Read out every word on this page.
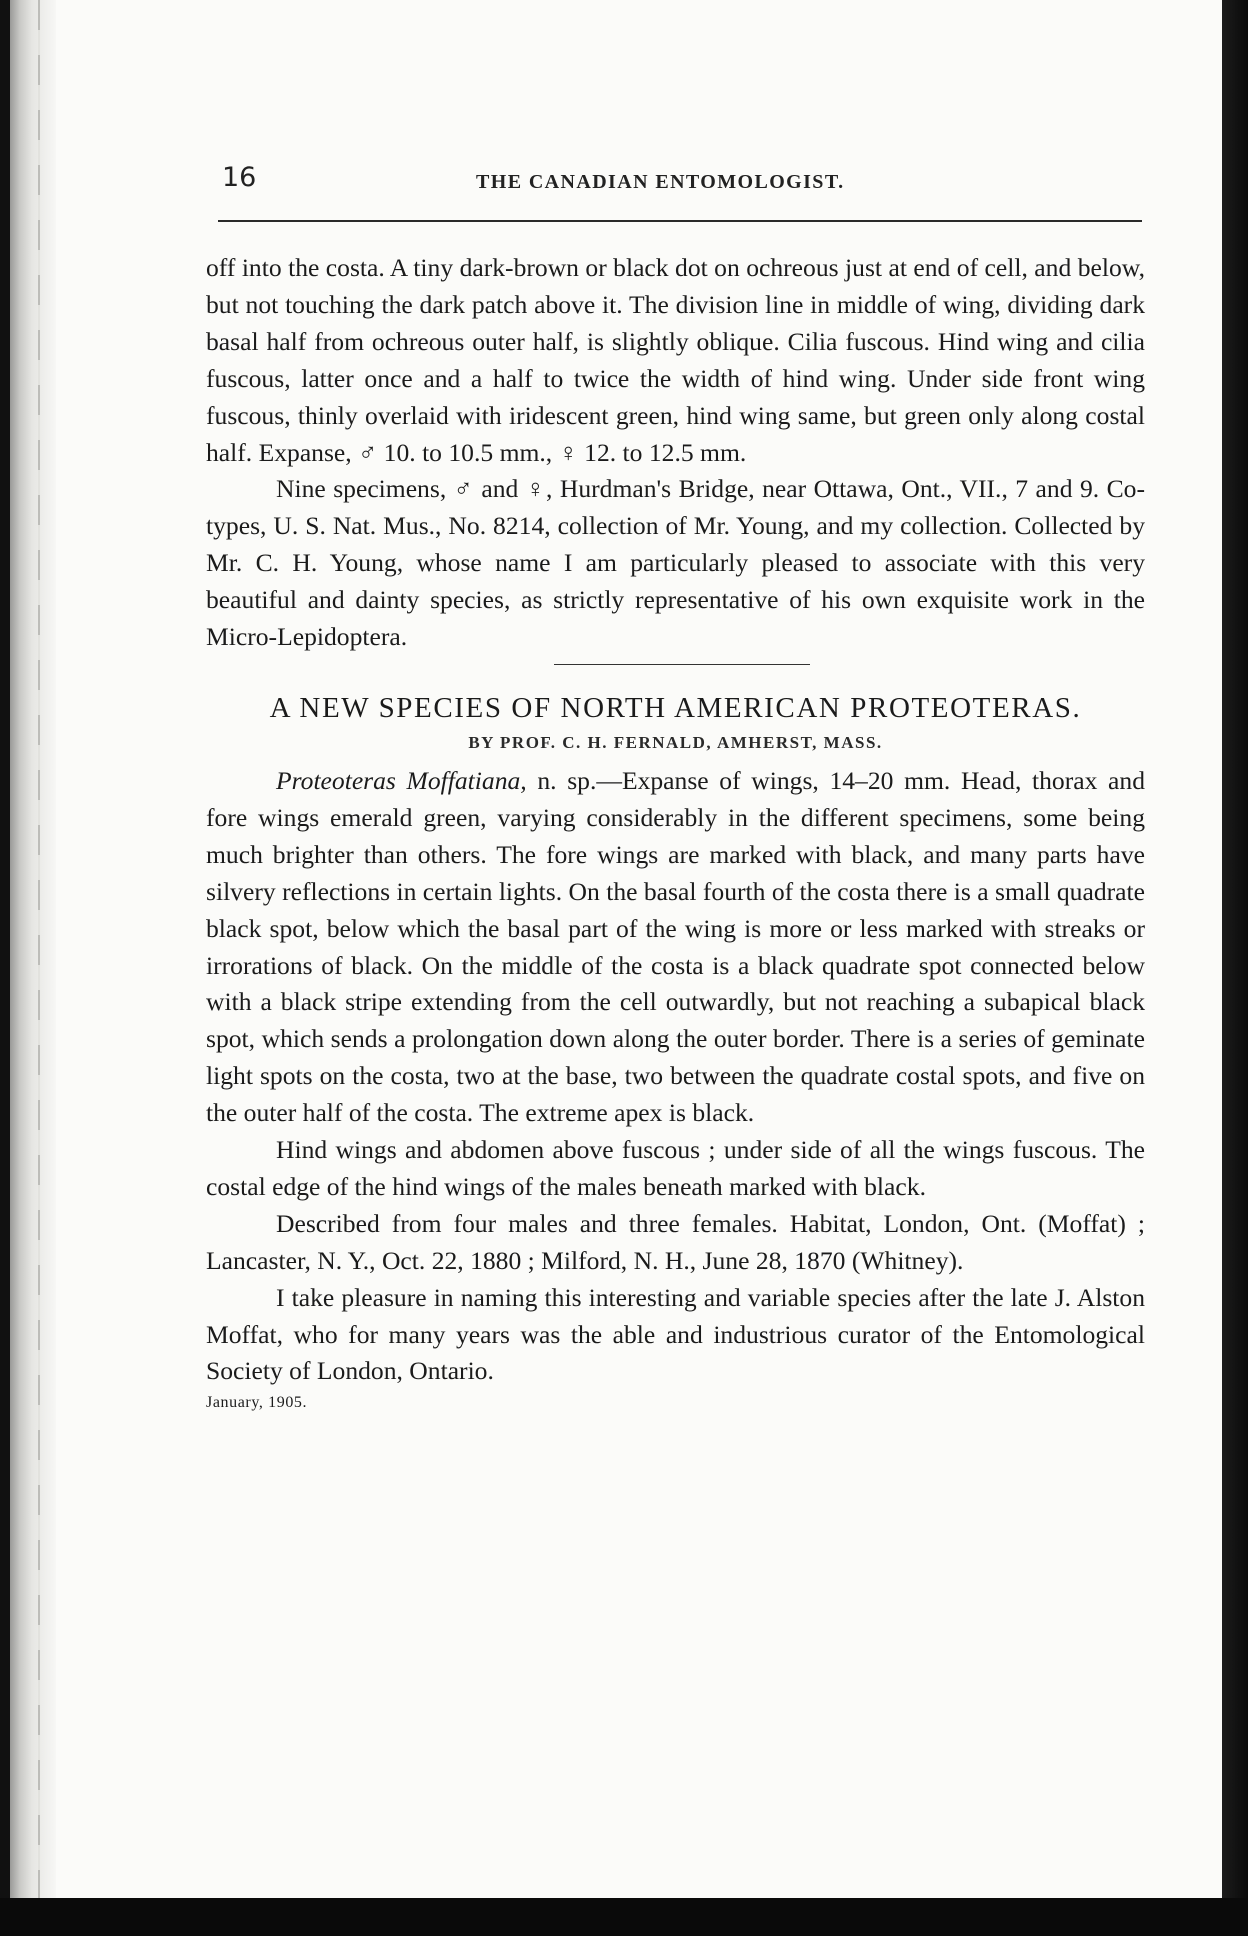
16	THE CANADIAN ENTOMOLOGIST.

off into the costa. A tiny dark-brown or black dot on ochreous just at end of cell, and below, but not touching the dark patch above it. The division line in middle of wing, dividing dark basal half from ochreous outer half, is slightly oblique. Cilia fuscous. Hind wing and cilia fuscous, latter once and a half to twice the width of hind wing. Under side front wing fuscous, thinly overlaid with iridescent green, hind wing same, but green only along costal half. Expanse, ♂ 10. to 10.5 mm., ♀ 12. to 12.5 mm.

Nine specimens, ♂ and ♀, Hurdman's Bridge, near Ottawa, Ont., VII., 7 and 9. Co-types, U. S. Nat. Mus., No. 8214, collection of Mr. Young, and my collection. Collected by Mr. C. H. Young, whose name I am particularly pleased to associate with this very beautiful and dainty species, as strictly representative of his own exquisite work in the Micro-Lepidoptera.

A NEW SPECIES OF NORTH AMERICAN PROTEOTERAS.
BY PROF. C. H. FERNALD, AMHERST, MASS.

Proteoteras Moffatiana, n. sp.—Expanse of wings, 14–20 mm. Head, thorax and fore wings emerald green, varying considerably in the different specimens, some being much brighter than others. The fore wings are marked with black, and many parts have silvery reflections in certain lights. On the basal fourth of the costa there is a small quadrate black spot, below which the basal part of the wing is more or less marked with streaks or irrorations of black. On the middle of the costa is a black quadrate spot connected below with a black stripe extending from the cell outwardly, but not reaching a subapical black spot, which sends a prolongation down along the outer border. There is a series of geminate light spots on the costa, two at the base, two between the quadrate costal spots, and five on the outer half of the costa. The extreme apex is black.

Hind wings and abdomen above fuscous ; under side of all the wings fuscous. The costal edge of the hind wings of the males beneath marked with black.

Described from four males and three females. Habitat, London, Ont. (Moffat) ; Lancaster, N. Y., Oct. 22, 1880 ; Milford, N. H., June 28, 1870 (Whitney).

I take pleasure in naming this interesting and variable species after the late J. Alston Moffat, who for many years was the able and industrious curator of the Entomological Society of London, Ontario.

January, 1905.
